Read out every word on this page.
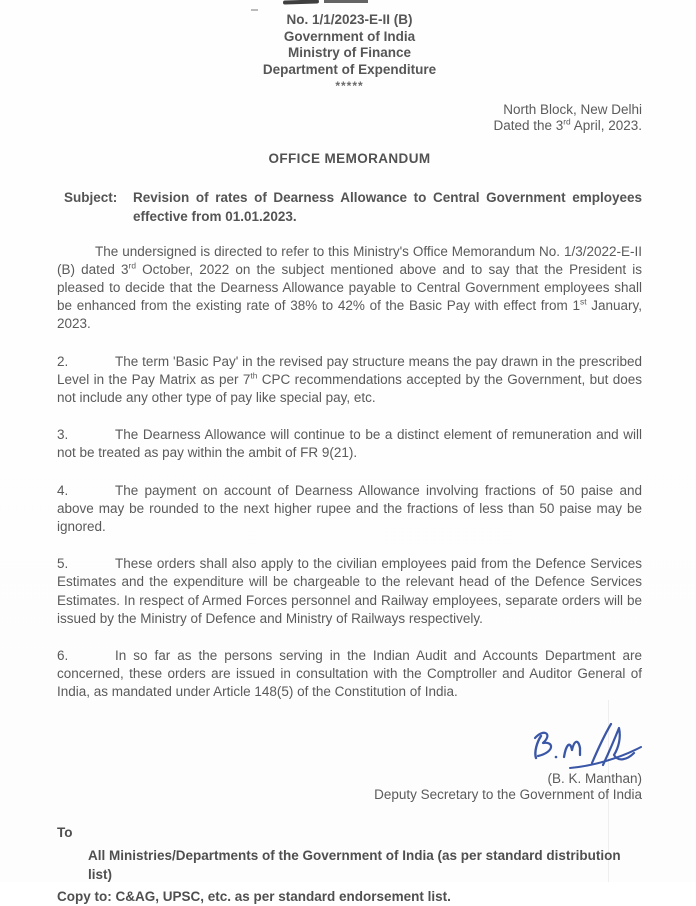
No. 1/1/2023-E-II (B)
Government of India
Ministry of Finance
Department of Expenditure
*****
North Block, New Delhi
Dated the 3rd April, 2023.
OFFICE MEMORANDUM
Subject: Revision of rates of Dearness Allowance to Central Government employees effective from 01.01.2023.

The undersigned is directed to refer to this Ministry's Office Memorandum No. 1/3/2022-E-II (B) dated 3rd October, 2022 on the subject mentioned above and to say that the President is pleased to decide that the Dearness Allowance payable to Central Government employees shall be enhanced from the existing rate of 38% to 42% of the Basic Pay with effect from 1st January, 2023.

2.	The term 'Basic Pay' in the revised pay structure means the pay drawn in the prescribed Level in the Pay Matrix as per 7th CPC recommendations accepted by the Government, but does not include any other type of pay like special pay, etc.

3.	The Dearness Allowance will continue to be a distinct element of remuneration and will not be treated as pay within the ambit of FR 9(21).

4.	The payment on account of Dearness Allowance involving fractions of 50 paise and above may be rounded to the next higher rupee and the fractions of less than 50 paise may be ignored.

5.	These orders shall also apply to the civilian employees paid from the Defence Services Estimates and the expenditure will be chargeable to the relevant head of the Defence Services Estimates. In respect of Armed Forces personnel and Railway employees, separate orders will be issued by the Ministry of Defence and Ministry of Railways respectively.

6.	In so far as the persons serving in the Indian Audit and Accounts Department are concerned, these orders are issued in consultation with the Comptroller and Auditor General of India, as mandated under Article 148(5) of the Constitution of India.

(B. K. Manthan)
Deputy Secretary to the Government of India
To
All Ministries/Departments of the Government of India (as per standard distribution list)
Copy to: C&AG, UPSC, etc. as per standard endorsement list.
